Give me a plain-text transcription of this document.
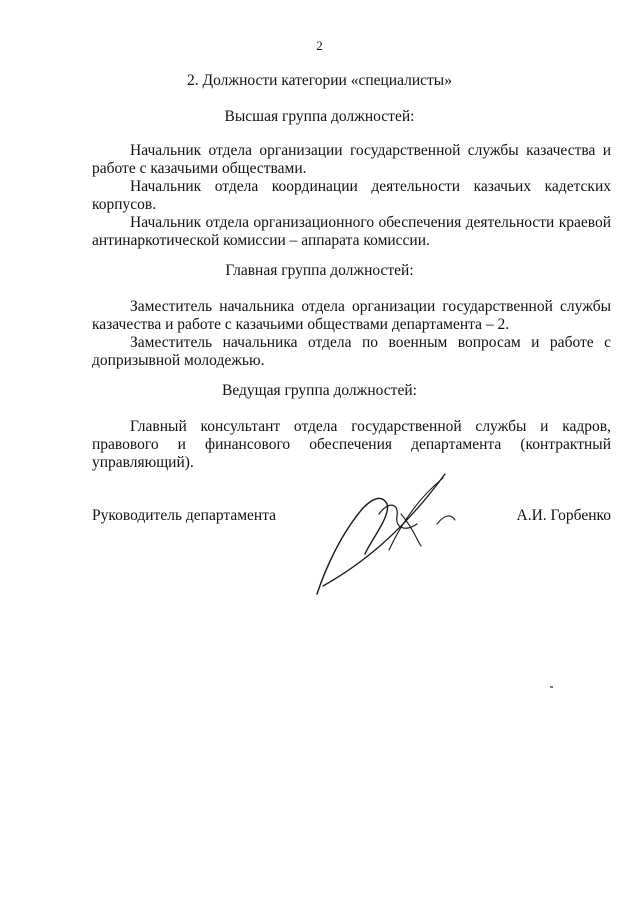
2
2. Должности категории «специалисты»
Высшая группа должностей:

Начальник отдела организации государственной службы казачества и работе с казачьими обществами.

Начальник отдела координации деятельности казачьих кадетских корпусов.

Начальник отдела организационного обеспечения деятельности краевой антинаркотической комиссии – аппарата комиссии.

Главная группа должностей:

Заместитель начальника отдела организации государственной службы казачества и работе с казачьими обществами департамента – 2.

Заместитель начальника отдела по военным вопросам и работе с допризывной молодежью.

Ведущая группа должностей:

Главный консультант отдела государственной службы и кадров, правового и финансового обеспечения департамента (контрактный управляющий).

Руководитель департамента	А.И. Горбенко
